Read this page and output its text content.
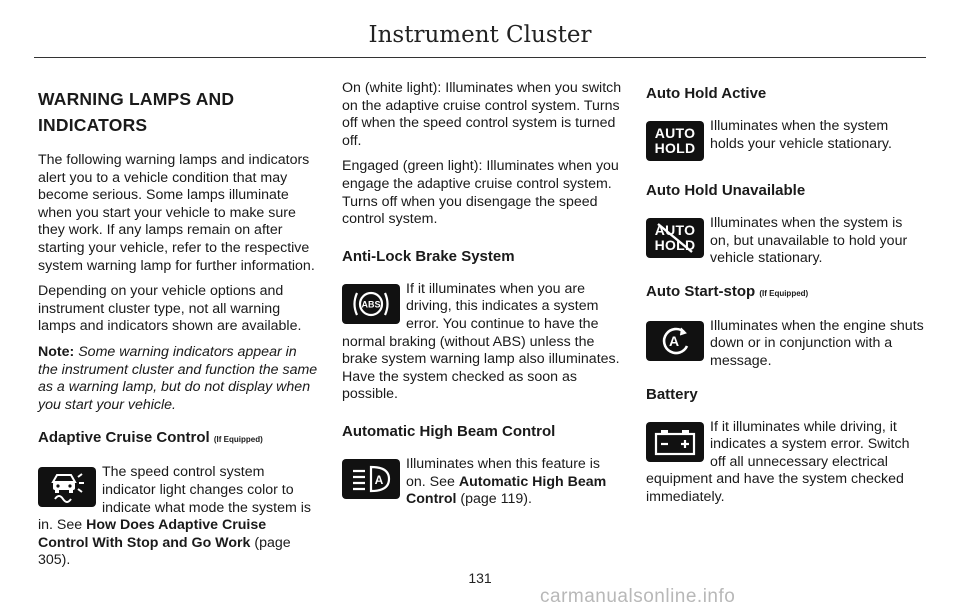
Instrument Cluster
WARNING LAMPS AND
INDICATORS

The following warning lamps and indicators alert you to a vehicle condition that may become serious. Some lamps illuminate when you start your vehicle to make sure they work. If any lamps remain on after starting your vehicle, refer to the respective system warning lamp for further information.

Depending on your vehicle options and instrument cluster type, not all warning lamps and indicators shown are available.

Note: Some warning indicators appear in the instrument cluster and function the same as a warning lamp, but do not display when you start your vehicle.

Adaptive Cruise Control (If Equipped)
The speed control system indicator light changes color to indicate what mode the system is in. See How Does Adaptive Cruise Control With Stop and Go Work (page 305).

On (white light): Illuminates when you switch on the adaptive cruise control system. Turns off when the speed control system is turned off.

Engaged (green light): Illuminates when you engage the adaptive cruise control system. Turns off when you disengage the speed control system.

Anti-Lock Brake System
ABS
If it illuminates when you are driving, this indicates a system error. You continue to have the normal braking (without ABS) unless the brake system warning lamp also illuminates. Have the system checked as soon as possible.
Automatic High Beam Control
A
Illuminates when this feature is on. See Automatic High Beam Control (page 119).
Auto Hold Active
AUTO
HOLD
Illuminates when the system holds your vehicle stationary.
Auto Hold Unavailable
AUTO
HOLD
Illuminates when the system is on, but unavailable to hold your vehicle stationary.
Auto Start-stop (If Equipped)
A
Illuminates when the engine shuts down or in conjunction with a message.
Battery
If it illuminates while driving, it indicates a system error. Switch off all unnecessary electrical equipment and have the system checked immediately.
131
carmanualsonline.info
